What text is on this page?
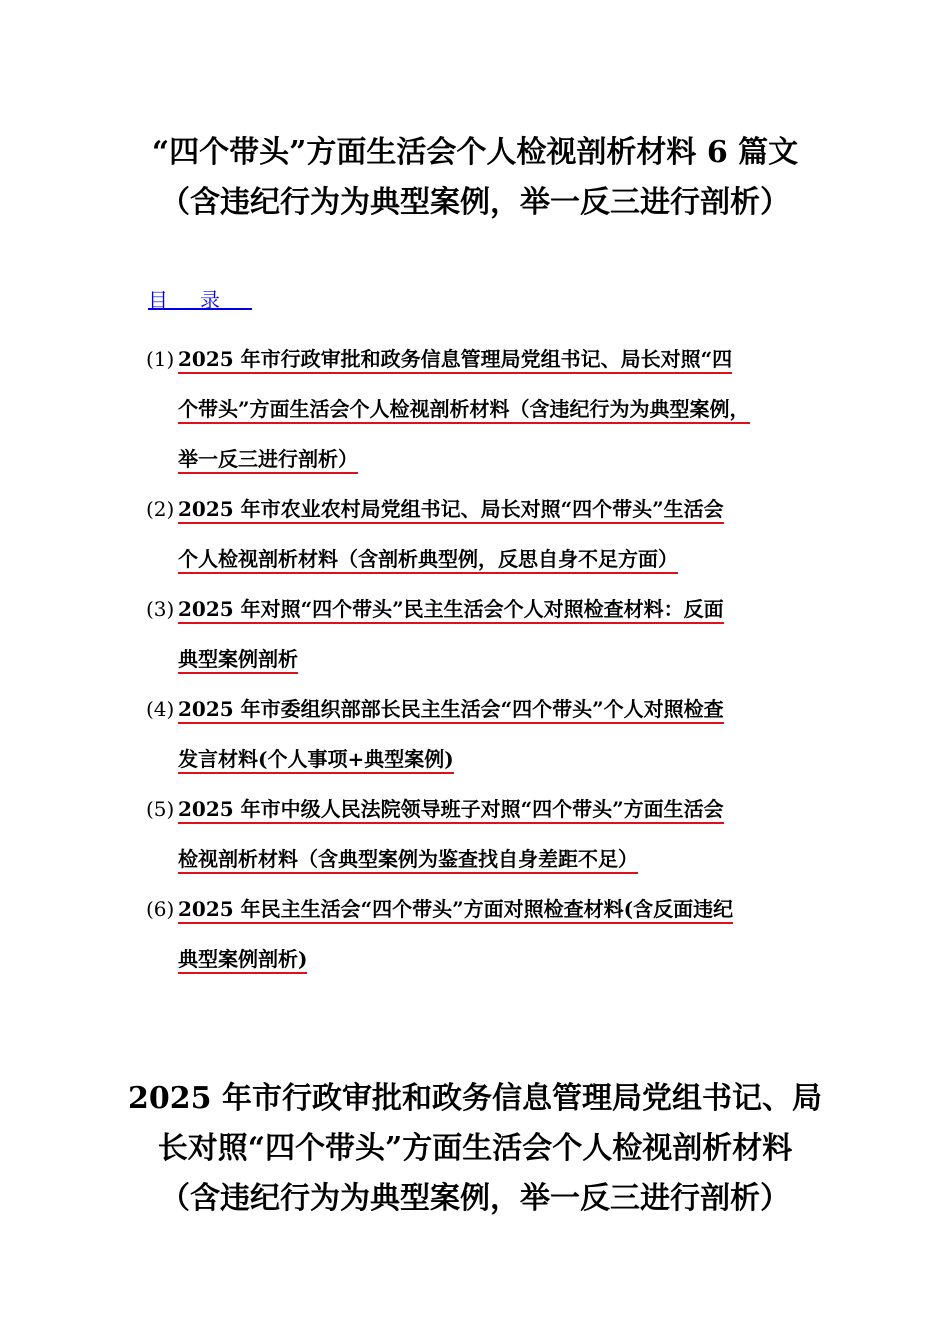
“四个带头”方面生活会个人检视剖析材料 6 篇文
（含违纪行为为典型案例，举一反三进行剖析）
目录
(1) 2025 年市行政审批和政务信息管理局党组书记、局长对照“四
个带头”方面生活会个人检视剖析材料（含违纪行为为典型案例，
举一反三进行剖析）
(2) 2025 年市农业农村局党组书记、局长对照“四个带头”生活会
个人检视剖析材料（含剖析典型例，反思自身不足方面）
(3) 2025 年对照“四个带头”民主生活会个人对照检查材料：反面
典型案例剖析
(4) 2025 年市委组织部部长民主生活会“四个带头”个人对照检查
发言材料(个人事项+典型案例)
(5) 2025 年市中级人民法院领导班子对照“四个带头”方面生活会
检视剖析材料（含典型案例为鉴查找自身差距不足）
(6) 2025 年民主生活会“四个带头”方面对照检查材料(含反面违纪
典型案例剖析)
2025 年市行政审批和政务信息管理局党组书记、局
长对照“四个带头”方面生活会个人检视剖析材料
（含违纪行为为典型案例，举一反三进行剖析）
